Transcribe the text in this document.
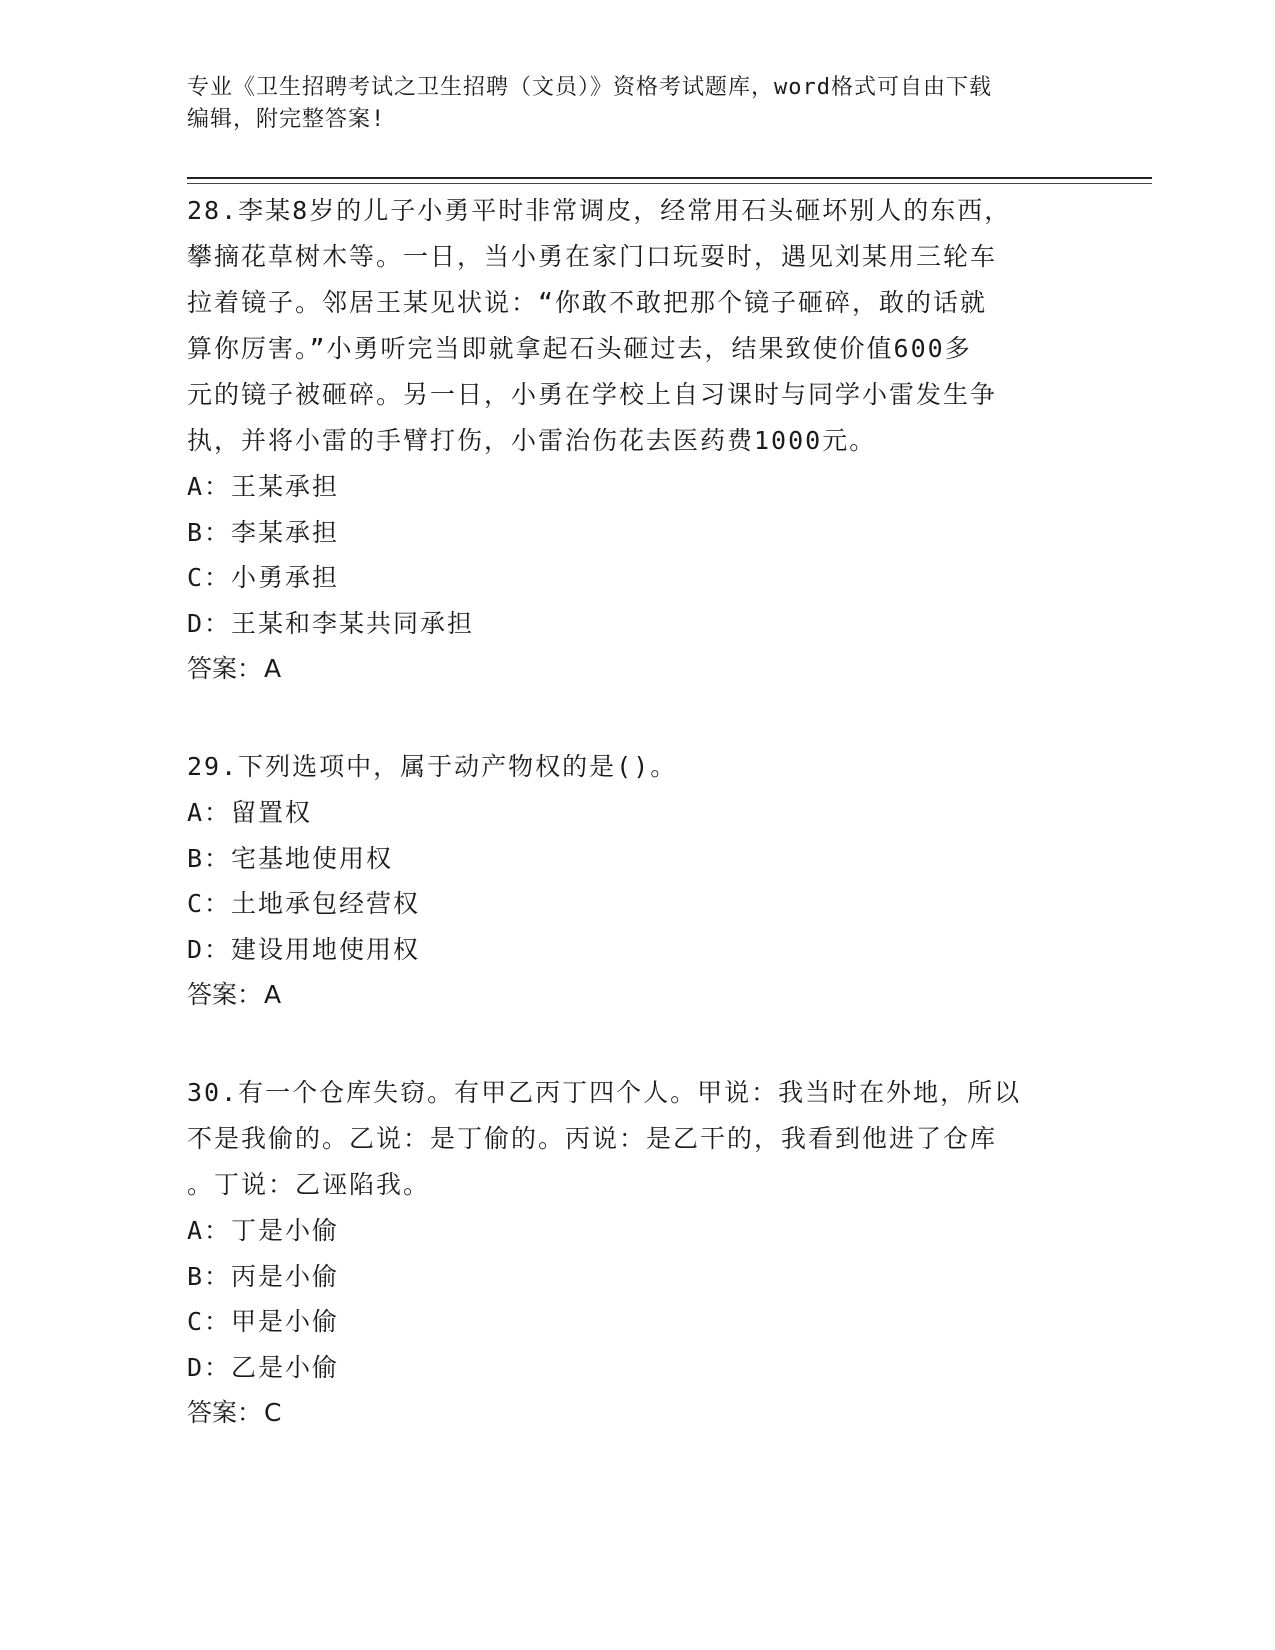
专业《卫生招聘考试之卫生招聘（文员）》资格考试题库，word格式可自由下载
编辑，附完整答案!
28.李某8岁的儿子小勇平时非常调皮，经常用石头砸坏别人的东西，
攀摘花草树木等。一日，当小勇在家门口玩耍时，遇见刘某用三轮车
拉着镜子。邻居王某见状说：“你敢不敢把那个镜子砸碎，敢的话就
算你厉害。”小勇听完当即就拿起石头砸过去，结果致使价值600多
元的镜子被砸碎。另一日，小勇在学校上自习课时与同学小雷发生争
执，并将小雷的手臂打伤，小雷治伤花去医药费1000元。
A：王某承担
B：李某承担
C：小勇承担
D：王某和李某共同承担
答案：A
29.下列选项中，属于动产物权的是()。
A：留置权
B：宅基地使用权
C：土地承包经营权
D：建设用地使用权
答案：A
30.有一个仓库失窃。有甲乙丙丁四个人。甲说：我当时在外地，所以
不是我偷的。乙说：是丁偷的。丙说：是乙干的，我看到他进了仓库
。丁说：乙诬陷我。
A：丁是小偷
B：丙是小偷
C：甲是小偷
D：乙是小偷
答案：C
